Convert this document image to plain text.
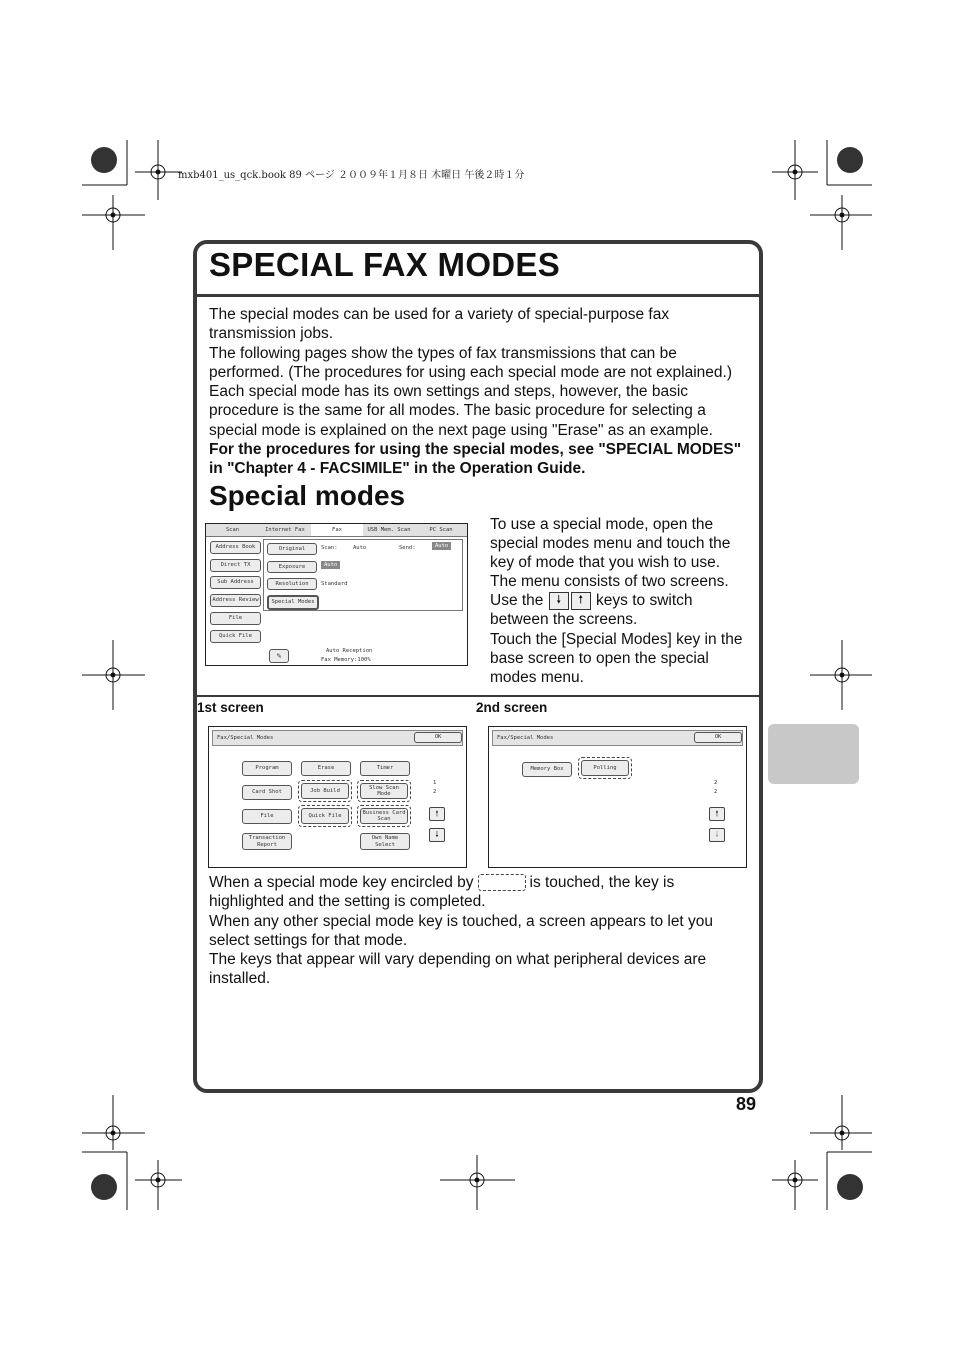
mxb401_us_qck.book 89 ページ ２００９年１月８日 木曜日 午後２時１分
SPECIAL FAX MODES

The special modes can be used for a variety of special-purpose fax transmission jobs.

The following pages show the types of fax transmissions that can be performed. (The procedures for using each special mode are not explained.)

Each special mode has its own settings and steps, however, the basic procedure is the same for all modes. The basic procedure for selecting a special mode is explained on the next page using "Erase" as an example.

For the procedures for using the special modes, see "SPECIAL MODES" in "Chapter 4 - FACSIMILE" in the Operation Guide.

Special modes
Scan	Internet Fax	Fax	USB Mem. Scan	PC Scan
Address Book
Direct TX
Sub Address
Address Review
File
Quick File
Original
Exposure
Resolution
Special Modes
Scan:	Auto	Send:	Auto
Auto
Standard
✎	Auto Reception
Fax Memory:100%
To use a special mode, open the special modes menu and touch the key of mode that you wish to use. The menu consists of two screens. Use the 🠗 🠕 keys to switch between the screens.
Touch the [Special Modes] key in the base screen to open the special modes menu.
1st screen	2nd screen
Fax/Special Modes	OK
Program	Erase	Timer
Card Shot	Job Build
Slow Scan Mode
File	Quick File
Business Card Scan
Transaction Report
Own Name Select
1
2
🠕
🠗
Fax/Special Modes	OK
Memory Box	Polling
2
2
🠕
🠗

When a special mode key encircled by	is touched, the key is highlighted and the setting is completed.

When any other special mode key is touched, a screen appears to let you select settings for that mode.

The keys that appear will vary depending on what peripheral devices are installed.

89
